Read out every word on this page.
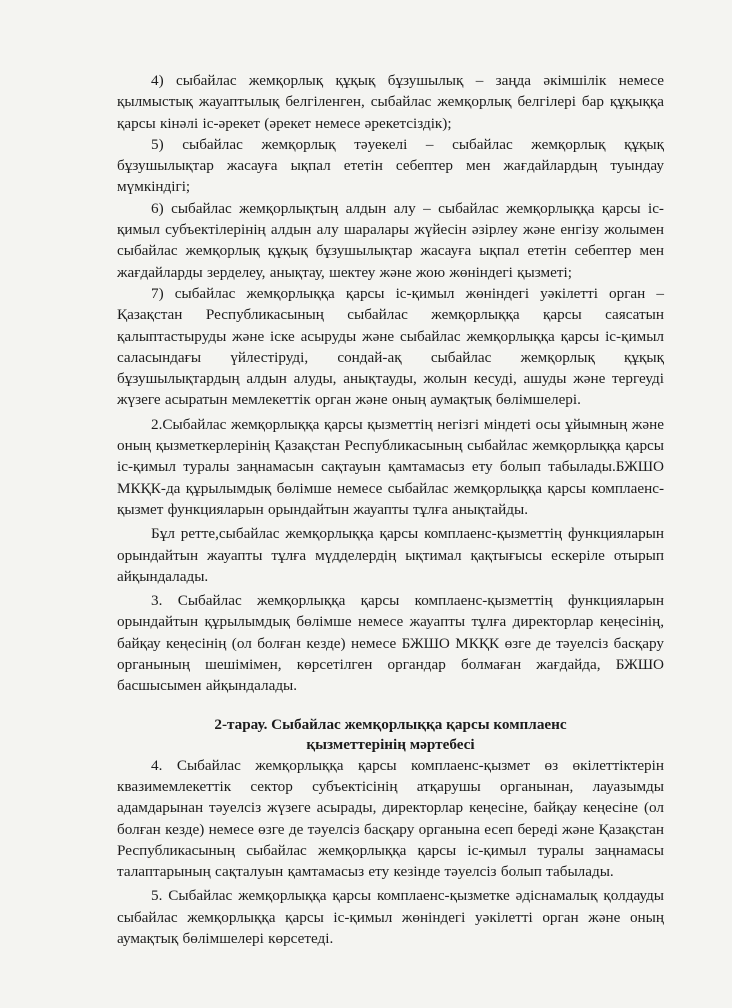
4) сыбайлас жемқорлық құқық бұзушылық – заңда әкімшілік немесе қылмыстық жауаптылық белгіленген, сыбайлас жемқорлық белгілері бар құқыққа қарсы кінәлі іс-әрекет (әрекет немесе әрекетсіздік);

5) сыбайлас жемқорлық тәуекелі – сыбайлас жемқорлық құқық бұзушылықтар жасауға ықпал ететін себептер мен жағдайлардың туындау мүмкіндігі;

6) сыбайлас жемқорлықтың алдын алу – сыбайлас жемқорлыққа қарсы іс-қимыл субъектілерінің алдын алу шаралары жүйесін әзірлеу және енгізу жолымен сыбайлас жемқорлық құқық бұзушылықтар жасауға ықпал ететін себептер мен жағдайларды зерделеу, анықтау, шектеу және жою жөніндегі қызметі;

7) сыбайлас жемқорлыққа қарсы іс-қимыл жөніндегі уәкілетті орган – Қазақстан Республикасының сыбайлас жемқорлыққа қарсы саясатын қалыптастыруды және іске асыруды және сыбайлас жемқорлыққа қарсы іс-қимыл саласындағы үйлестіруді, сондай-ақ сыбайлас жемқорлық құқық бұзушылықтардың алдын алуды, анықтауды, жолын кесуді, ашуды және тергеуді жүзеге асыратын мемлекеттік орган және оның аумақтық бөлімшелері.

2.Сыбайлас жемқорлыққа қарсы қызметтің негізгі міндеті осы ұйымның және оның қызметкерлерінің Қазақстан Республикасының сыбайлас жемқорлыққа қарсы іс-қимыл туралы заңнамасын сақтауын қамтамасыз ету болып табылады.БЖШО МКҚК-да құрылымдық бөлімше немесе сыбайлас жемқорлыққа қарсы комплаенс-қызмет функцияларын орындайтын жауапты тұлға анықтайды.

Бұл ретте,сыбайлас жемқорлыққа қарсы комплаенс-қызметтің функцияларын орындайтын жауапты тұлға мүдделердің ықтимал қақтығысы ескеріле отырып айқындалады.

3. Сыбайлас жемқорлыққа қарсы комплаенс-қызметтің функцияларын орындайтын құрылымдық бөлімше немесе жауапты тұлға директорлар кеңесінің, байқау кеңесінің (ол болған кезде) немесе БЖШО МКҚК өзге де тәуелсіз басқару органының шешімімен, көрсетілген органдар болмаған жағдайда, БЖШО басшысымен айқындалады.

2-тарау. Сыбайлас жемқорлыққа қарсы комплаенс
қызметтерінің мәртебесі

4. Сыбайлас жемқорлыққа қарсы комплаенс-қызмет өз өкілеттіктерін квазимемлекеттік сектор субъектісінің атқарушы органынан, лауазымды адамдарынан тәуелсіз жүзеге асырады, директорлар кеңесіне, байқау кеңесіне (ол болған кезде) немесе өзге де тәуелсіз басқару органына есеп береді және Қазақстан Республикасының сыбайлас жемқорлыққа қарсы іс-қимыл туралы заңнамасы талаптарының сақталуын қамтамасыз ету кезінде тәуелсіз болып табылады.

5. Сыбайлас жемқорлыққа қарсы комплаенс-қызметке әдіснамалық қолдауды сыбайлас жемқорлыққа қарсы іс-қимыл жөніндегі уәкілетті орган және оның аумақтық бөлімшелері көрсетеді.
